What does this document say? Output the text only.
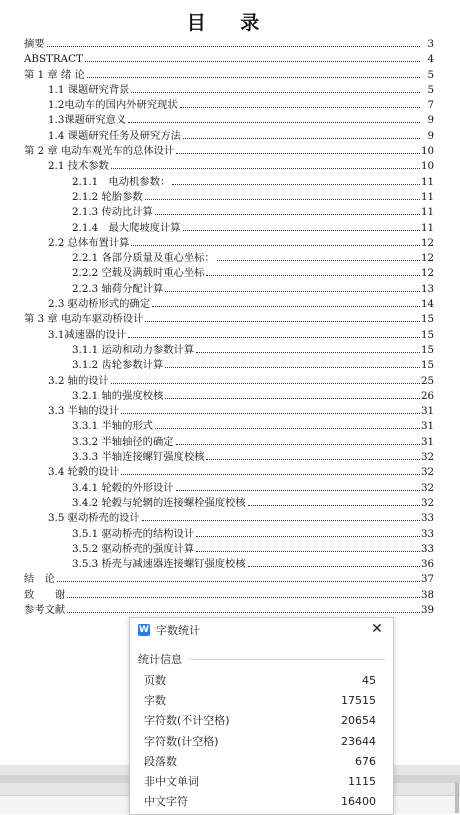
目 录
摘要	3
ABSTRACT	4
第 1 章 绪 论	5
1.1 课题研究背景	5
1.2电动车的国内外研究现状	7
1.3课题研究意义	9
1.4 课题研究任务及研究方法	9
第 2 章 电动车观光车的总体设计	10
2.1 技术参数	10
2.1.1　电动机参数：	11
2.1.2 轮胎参数	11
2.1.3 传动比计算	11
2.1.4　最大爬坡度计算	11
2.2 总体布置计算	12
2.2.1 各部分质量及重心坐标：	12
2.2.2 空载及满载时重心坐标	12
2.2.3 轴荷分配计算	13
2.3 驱动桥形式的确定	14
第 3 章 电动车驱动桥设计	15
3.1减速器的设计	15
3.1.1 运动和动力参数计算	15
3.1.2 齿轮参数计算	15
3.2 轴的设计	25
3.2.1 轴的强度校核	26
3.3 半轴的设计	31
3.3.1 半轴的形式	31
3.3.2 半轴轴径的确定	31
3.3.3 半轴连接螺钉强度校核	32
3.4 轮毂的设计	32
3.4.1 轮毂的外形设计	32
3.4.2 轮毂与轮辋的连接螺栓强度校核	32
3.5 驱动桥壳的设计	33
3.5.1 驱动桥壳的结构设计	33
3.5.2 驱动桥壳的强度计算	33
3.5.3 桥壳与减速器连接螺钉强度校核	36
结　论	37
致　　谢	38
参考文献	39
W 字数统计	✕
统计信息
页数	45
字数	17515
字符数(不计空格)	20654
字符数(计空格)	23644
段落数	676
非中文单词	1115
中文字符	16400
